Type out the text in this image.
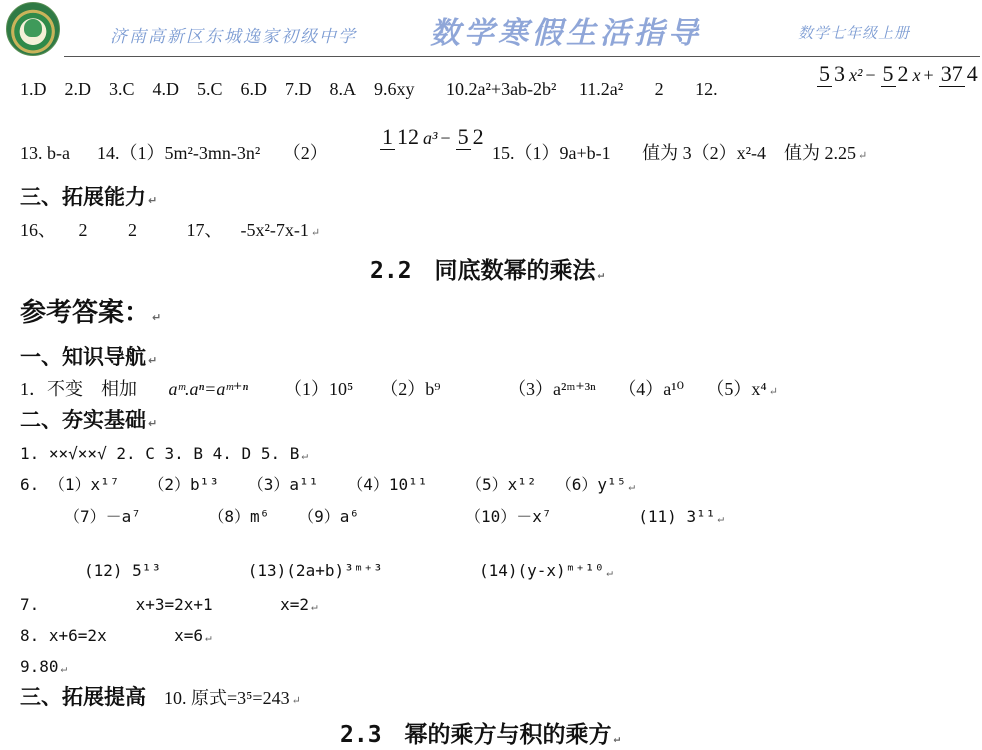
济南高新区东城逸家初级中学 数学寒假生活指导	数学七年级上册
1.D 2.D 3.C 4.D 5.C 6.D 7.D 8.A 9.6xy 10.2a²+3ab-2b² 11.2a² 2 12.
5 3 x² − 5 2 x + 37 4
13. b-a 14.（1）5m²-3mn-3n² （2）
1 12 a³ − 5 2
15.（1）9a+b-1 值为 3（2）x²-4 值为 2.25 ↵
三、拓展能力 ↵
16、 2 2	17、 -5x²-7x-1 ↵
2.2　同底数幂的乘法 ↵
参考答案： ↵
一、知识导航 ↵
1．不变　相加 aᵐ.aⁿ=aᵐ⁺ⁿ （1）10⁵ （2）b⁹	（3）a²ᵐ⁺³ⁿ （4）a¹⁰ （5）x⁴ ↵
二、夯实基础 ↵
1. ××√××√ 2. C 3. B 4. D 5. B ↵
6. （1）x¹⁷ （2）b¹³ （3）a¹¹ （4）10¹¹ （5）x¹² （6）y¹⁵ ↵
（7）－a⁷	（8）m⁶ （9）a⁶	（10）－x⁷	(11) 3¹¹ ↵
(12) 5¹³	(13)(2a+b)³ᵐ⁺³	(14)(y-x)ᵐ⁺¹⁰ ↵
7.	x+3=2x+1	x=2 ↵
8. x+6=2x	x=6 ↵
9.80 ↵
三、拓展提高 10. 原式=3⁵=243 ↵
2.3　幂的乘方与积的乘方 ↵
